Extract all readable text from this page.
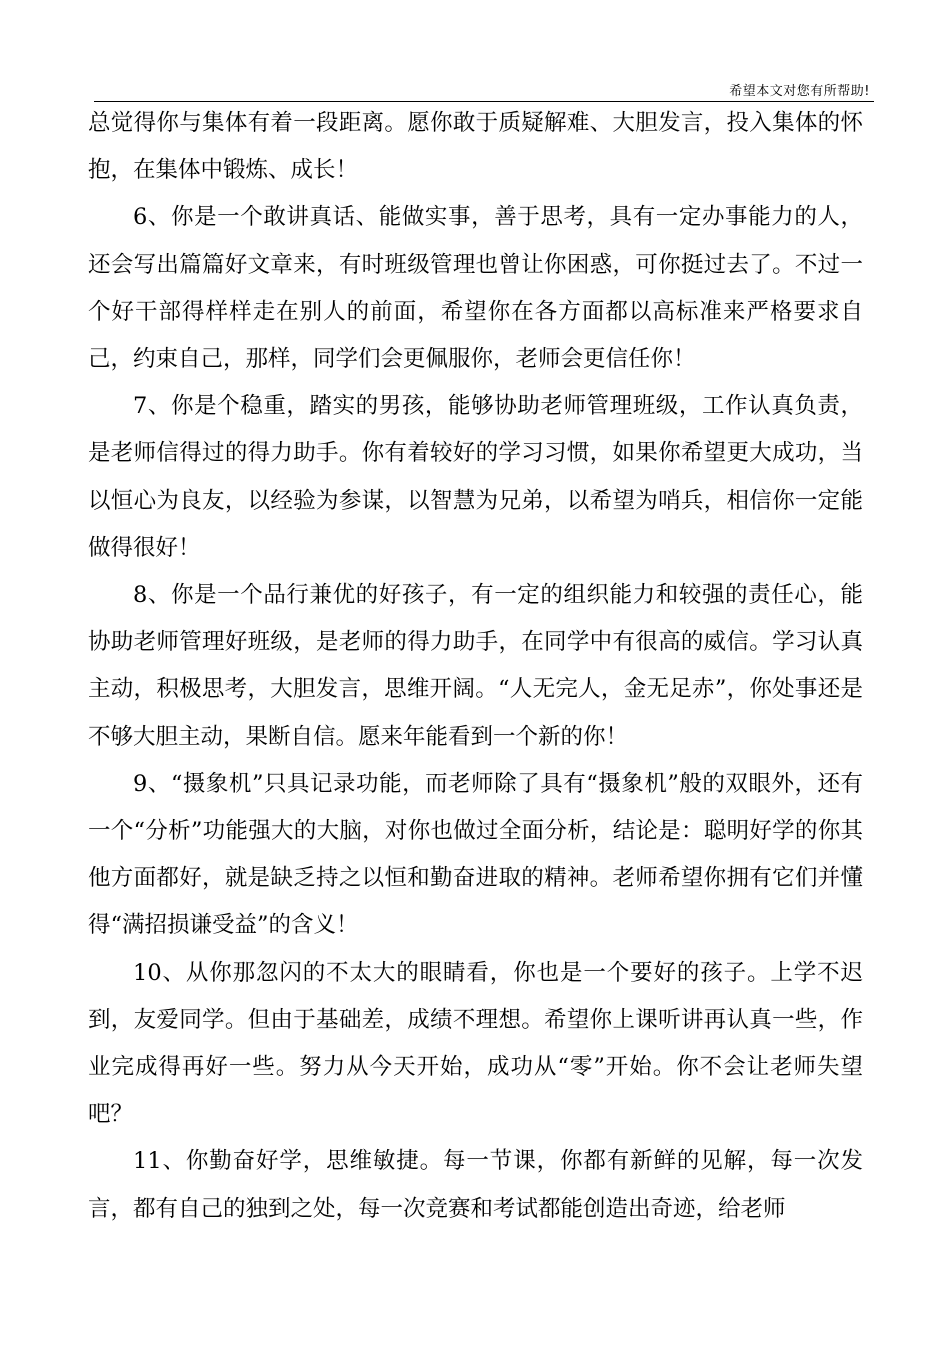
希望本文对您有所帮助!

总觉得你与集体有着一段距离。愿你敢于质疑解难、大胆发言，投入集体的怀抱，在集体中锻炼、成长！

6、你是一个敢讲真话、能做实事，善于思考，具有一定办事能力的人，还会写出篇篇好文章来，有时班级管理也曾让你困惑，可你挺过去了。不过一个好干部得样样走在别人的前面，希望你在各方面都以高标准来严格要求自己，约束自己，那样，同学们会更佩服你，老师会更信任你！

7、你是个稳重，踏实的男孩，能够协助老师管理班级，工作认真负责，是老师信得过的得力助手。你有着较好的学习习惯，如果你希望更大成功，当以恒心为良友，以经验为参谋，以智慧为兄弟，以希望为哨兵，相信你一定能做得很好！

8、你是一个品行兼优的好孩子，有一定的组织能力和较强的责任心，能协助老师管理好班级，是老师的得力助手，在同学中有很高的威信。学习认真主动，积极思考，大胆发言，思维开阔。“人无完人，金无足赤”，你处事还是不够大胆主动，果断自信。愿来年能看到一个新的你！

9、“摄象机”只具记录功能，而老师除了具有“摄象机”般的双眼外，还有一个“分析”功能强大的大脑，对你也做过全面分析，结论是：聪明好学的你其他方面都好，就是缺乏持之以恒和勤奋进取的精神。老师希望你拥有它们并懂得“满招损谦受益”的含义！

10、从你那忽闪的不太大的眼睛看，你也是一个要好的孩子。上学不迟到，友爱同学。但由于基础差，成绩不理想。希望你上课听讲再认真一些，作业完成得再好一些。努力从今天开始，成功从“零”开始。你不会让老师失望吧？

11、你勤奋好学，思维敏捷。每一节课，你都有新鲜的见解，每一次发言，都有自己的独到之处，每一次竞赛和考试都能创造出奇迹，给老师
